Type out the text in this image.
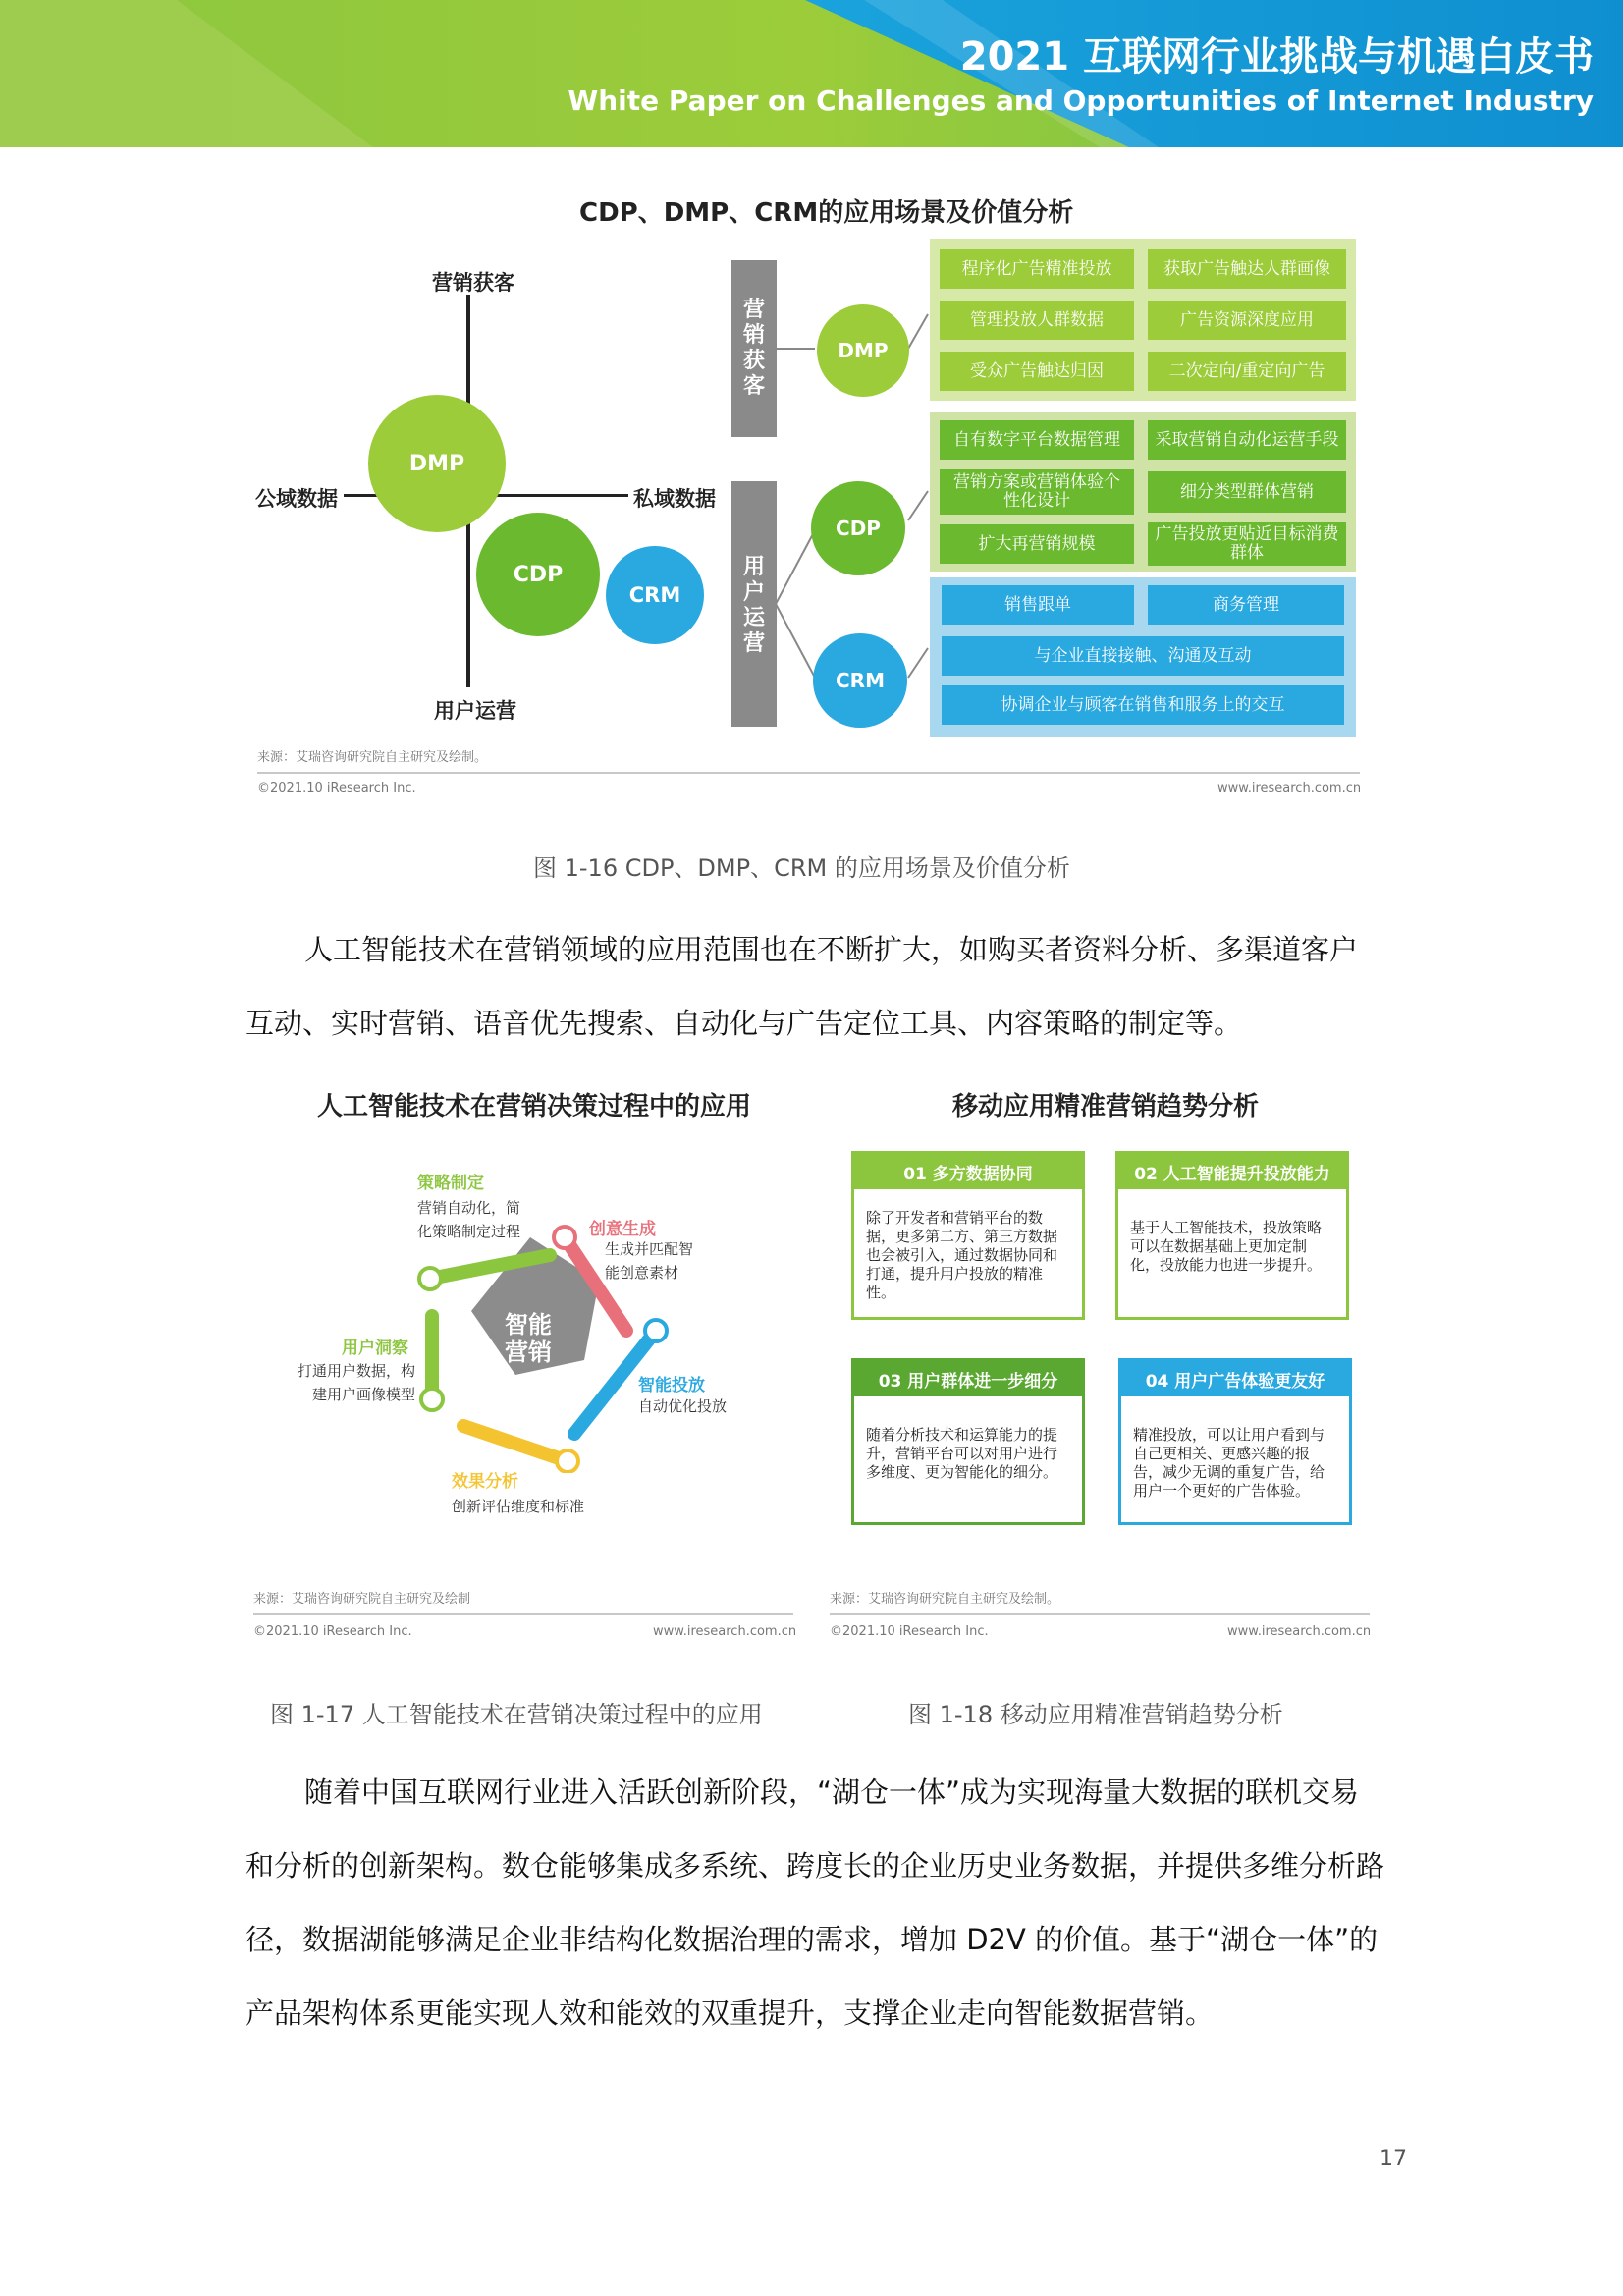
2021 互联网行业挑战与机遇白皮书
White Paper on Challenges and Opportunities of Internet Industry
CDP、DMP、CRM的应用场景及价值分析
营销获客
用户运营
公域数据	私域数据
DMP
CDP
CRM
营
销
获
客
用
户
运
营
DMP
CDP
CRM
程序化广告精准投放	获取广告触达人群画像
管理投放人群数据	广告资源深度应用
受众广告触达归因	二次定向/重定向广告
自有数字平台数据管理	采取营销自动化运营手段
营销方案或营销体验个性化设计	细分类型群体营销
扩大再营销规模	广告投放更贴近目标消费群体
销售跟单	商务管理
与企业直接接触、沟通及互动
协调企业与顾客在销售和服务上的交互
来源：艾瑞咨询研究院自主研究及绘制。
©2021.10 iResearch Inc.	www.iresearch.com.cn
图 1-16 CDP、DMP、CRM 的应用场景及价值分析
人工智能技术在营销领域的应用范围也在不断扩大，如购买者资料分析、多渠道客户互动、实时营销、语音优先搜索、自动化与广告定位工具、内容策略的制定等。
人工智能技术在营销决策过程中的应用
智能
营销
策略制定
营销自动化，简
化策略制定过程	创意生成
生成并匹配智
能创意素材
智能投放
自动优化投放
效果分析
创新评估维度和标准
用户洞察
打通用户数据，构
建用户画像模型
来源：艾瑞咨询研究院自主研究及绘制
©2021.10 iResearch Inc.	www.iresearch.com.cn
图 1-17 人工智能技术在营销决策过程中的应用
移动应用精准营销趋势分析
01 多方数据协同
除了开发者和营销平台的数据，更多第二方、第三方数据也会被引入，通过数据协同和打通，提升用户投放的精准性。
02 人工智能提升投放能力
基于人工智能技术，投放策略可以在数据基础上更加定制化，投放能力也进一步提升。
03 用户群体进一步细分
随着分析技术和运算能力的提升，营销平台可以对用户进行多维度、更为智能化的细分。
04 用户广告体验更友好
精准投放，可以让用户看到与自己更相关、更感兴趣的报告，减少无调的重复广告，给用户一个更好的广告体验。
来源：艾瑞咨询研究院自主研究及绘制。
©2021.10 iResearch Inc.	www.iresearch.com.cn
图 1-18 移动应用精准营销趋势分析
随着中国互联网行业进入活跃创新阶段，“湖仓一体”成为实现海量大数据的联机交易和分析的创新架构。数仓能够集成多系统、跨度长的企业历史业务数据，并提供多维分析路径，数据湖能够满足企业非结构化数据治理的需求，增加 D2V 的价值。基于“湖仓一体”的产品架构体系更能实现人效和能效的双重提升，支撑企业走向智能数据营销。
17
